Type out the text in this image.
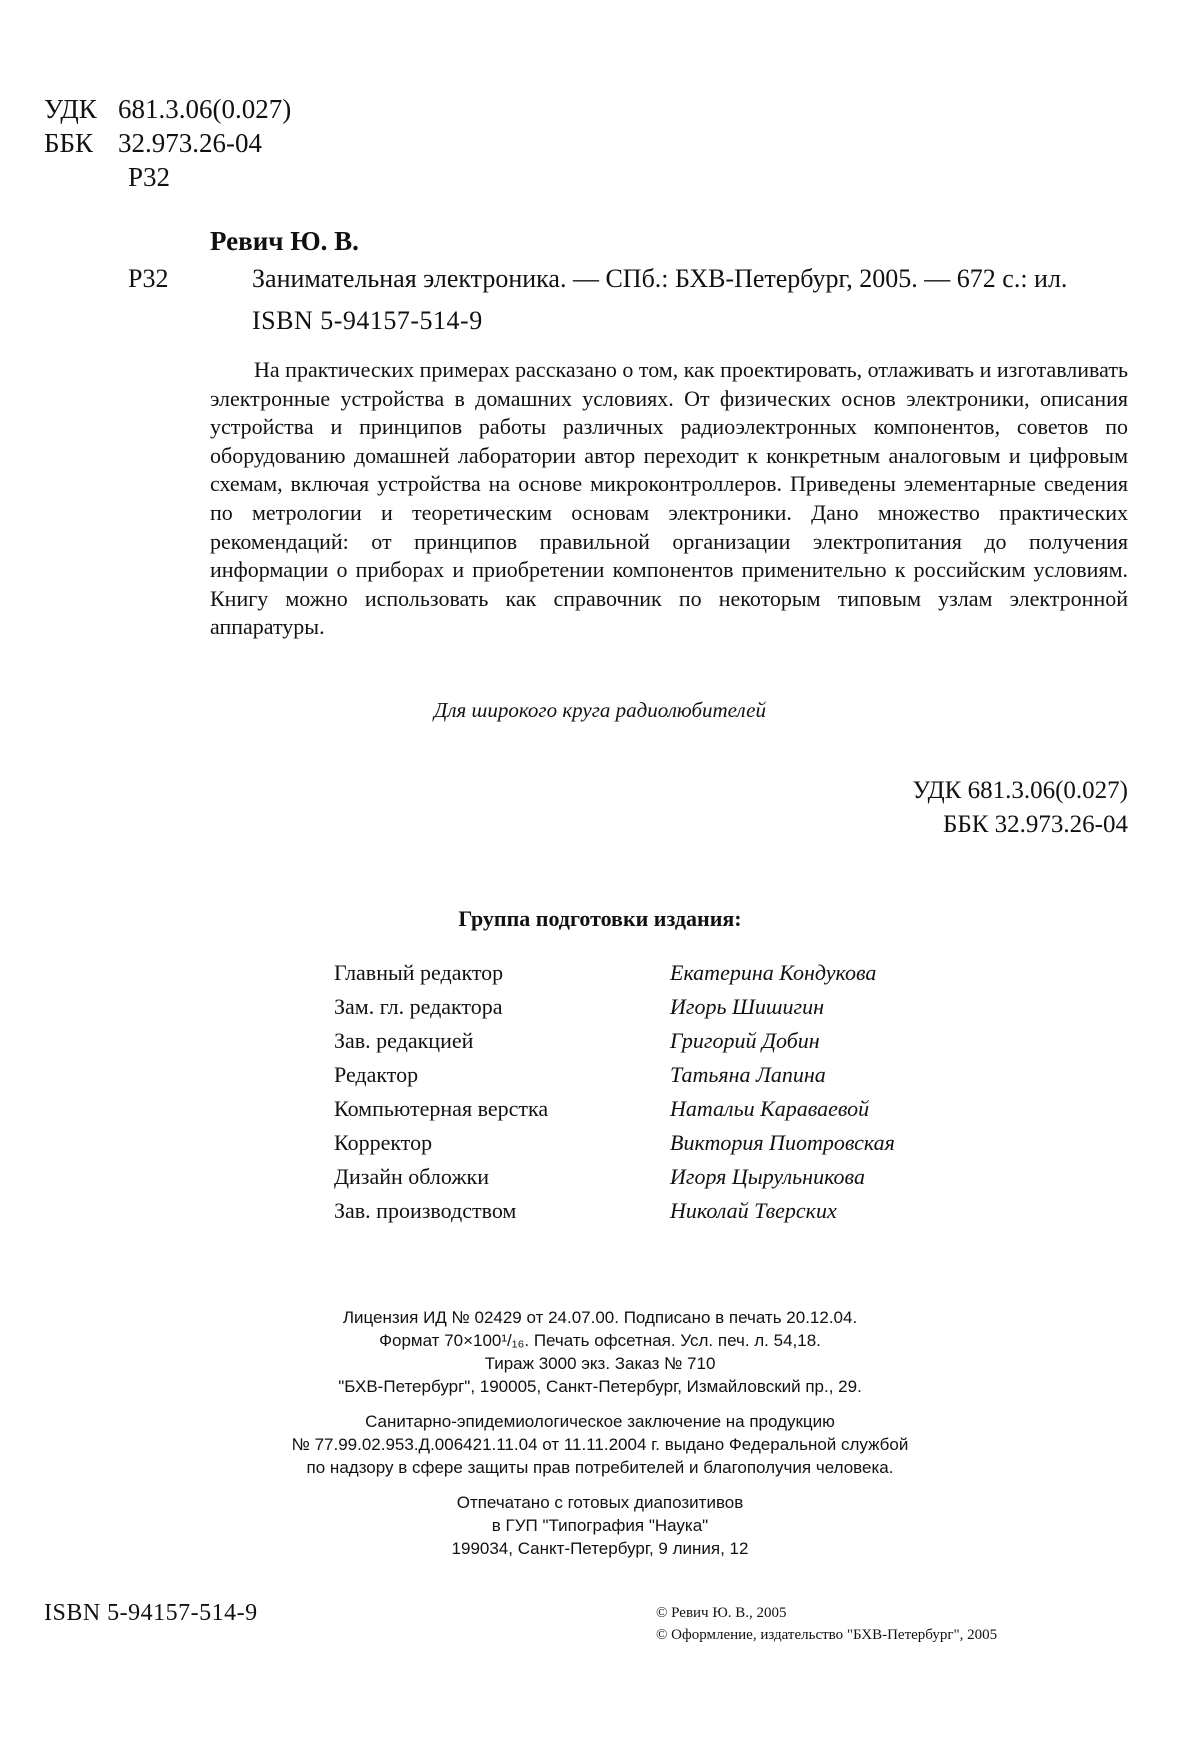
УДК 681.3.06(0.027)
ББК 32.973.26-04
Р32
Ревич Ю. В.
Р32	Занимательная электроника. — СПб.: БХВ-Петербург, 2005. — 672 с.: ил.
ISBN 5-94157-514-9
На практических примерах рассказано о том, как проектировать, отлаживать и изготавливать электронные устройства в домашних условиях. От физических основ электроники, описания устройства и принципов работы различных радиоэлектронных компонентов, советов по оборудованию домашней лаборатории автор переходит к конкретным аналоговым и цифровым схемам, включая устройства на основе микроконтроллеров. Приведены элементарные сведения по метрологии и теоретическим основам электроники. Дано множество практических рекомендаций: от принципов правильной организации электропитания до получения информации о приборах и приобретении компонентов применительно к российским условиям. Книгу можно использовать как справочник по некоторым типовым узлам электронной аппаратуры.
Для широкого круга радиолюбителей
УДК 681.3.06(0.027)
ББК 32.973.26-04
Группа подготовки издания:
Главный редактор	Екатерина Кондукова
Зам. гл. редактора	Игорь Шишигин
Зав. редакцией	Григорий Добин
Редактор	Татьяна Лапина
Компьютерная верстка	Натальи Караваевой
Корректор	Виктория Пиотровская
Дизайн обложки	Игоря Цырульникова
Зав. производством	Николай Тверских
Лицензия ИД № 02429 от 24.07.00. Подписано в печать 20.12.04.
Формат 70×100¹/₁₆. Печать офсетная. Усл. печ. л. 54,18.
Тираж 3000 экз. Заказ № 710
"БХВ-Петербург", 190005, Санкт-Петербург, Измайловский пр., 29.
Санитарно-эпидемиологическое заключение на продукцию
№ 77.99.02.953.Д.006421.11.04 от 11.11.2004 г. выдано Федеральной службой
по надзору в сфере защиты прав потребителей и благополучия человека.
Отпечатано с готовых диапозитивов
в ГУП "Типография "Наука"
199034, Санкт-Петербург, 9 линия, 12
ISBN 5-94157-514-9	© Ревич Ю. В., 2005
© Оформление, издательство "БХВ-Петербург", 2005
